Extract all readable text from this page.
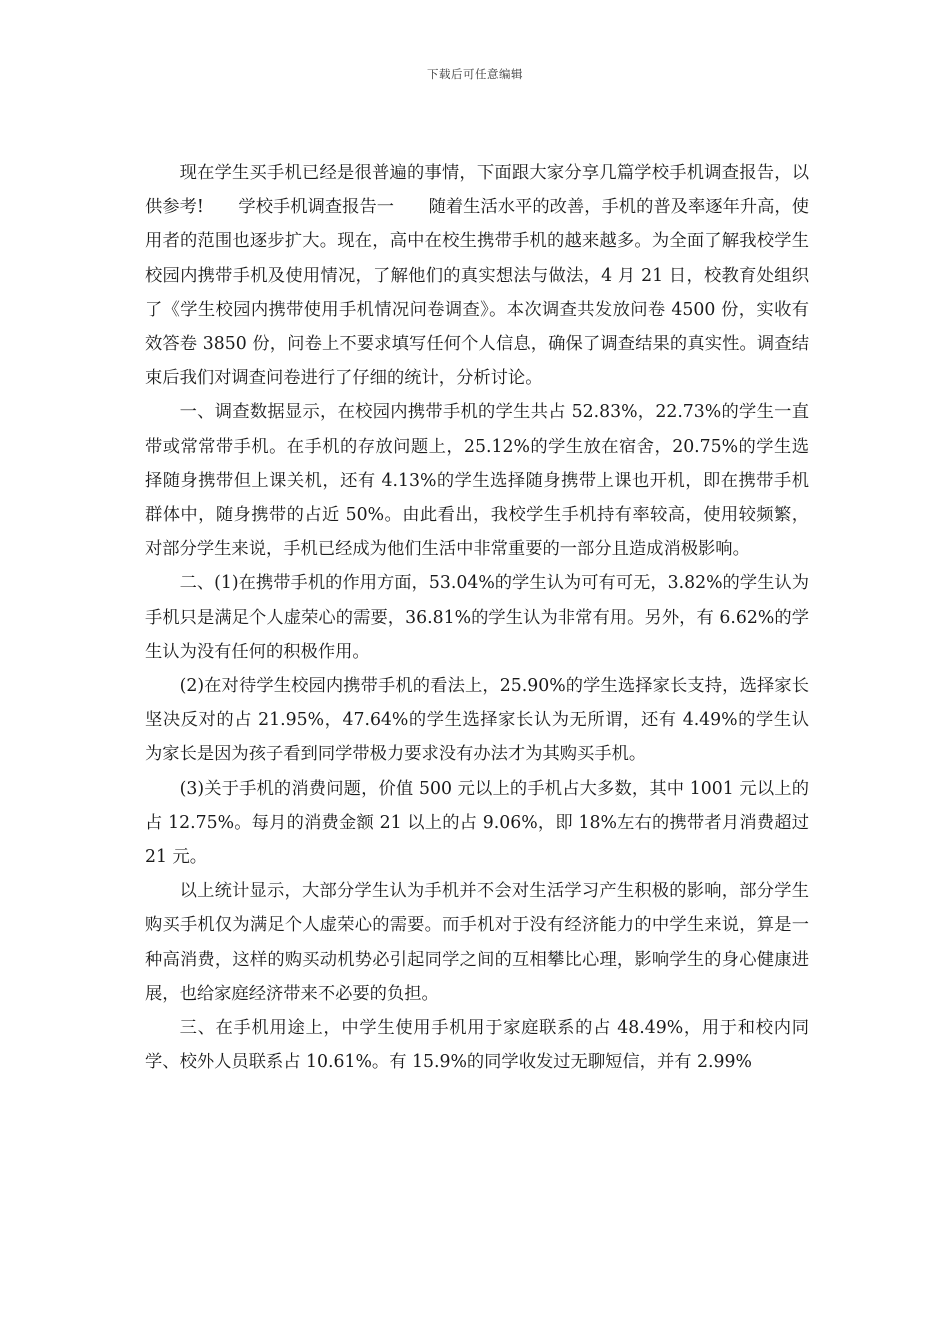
下载后可任意编辑

现在学生买手机已经是很普遍的事情，下面跟大家分享几篇学校手机调查报告，以供参考!　　学校手机调查报告一　　随着生活水平的改善，手机的普及率逐年升高，使用者的范围也逐步扩大。现在，高中在校生携带手机的越来越多。为全面了解我校学生校园内携带手机及使用情况，了解他们的真实想法与做法，4 月 21 日，校教育处组织了《学生校园内携带使用手机情况问卷调查》。本次调查共发放问卷 4500 份，实收有效答卷 3850 份，问卷上不要求填写任何个人信息，确保了调查结果的真实性。调查结束后我们对调查问卷进行了仔细的统计，分析讨论。

一、调查数据显示，在校园内携带手机的学生共占 52.83%，22.73%的学生一直带或常常带手机。在手机的存放问题上，25.12%的学生放在宿舍，20.75%的学生选择随身携带但上课关机，还有 4.13%的学生选择随身携带上课也开机，即在携带手机群体中，随身携带的占近 50%。由此看出，我校学生手机持有率较高，使用较频繁，对部分学生来说，手机已经成为他们生活中非常重要的一部分且造成消极影响。

二、(1)在携带手机的作用方面，53.04%的学生认为可有可无，3.82%的学生认为手机只是满足个人虚荣心的需要，36.81%的学生认为非常有用。另外，有 6.62%的学生认为没有任何的积极作用。

(2)在对待学生校园内携带手机的看法上，25.90%的学生选择家长支持，选择家长坚决反对的占 21.95%，47.64%的学生选择家长认为无所谓，还有 4.49%的学生认为家长是因为孩子看到同学带极力要求没有办法才为其购买手机。

(3)关于手机的消费问题，价值 500 元以上的手机占大多数，其中 1001 元以上的占 12.75%。每月的消费金额 21 以上的占 9.06%，即 18%左右的携带者月消费超过 21 元。

以上统计显示，大部分学生认为手机并不会对生活学习产生积极的影响，部分学生购买手机仅为满足个人虚荣心的需要。而手机对于没有经济能力的中学生来说，算是一种高消费，这样的购买动机势必引起同学之间的互相攀比心理，影响学生的身心健康进展，也给家庭经济带来不必要的负担。

三、在手机用途上，中学生使用手机用于家庭联系的占 48.49%，用于和校内同学、校外人员联系占 10.61%。有 15.9%的同学收发过无聊短信，并有 2.99%
